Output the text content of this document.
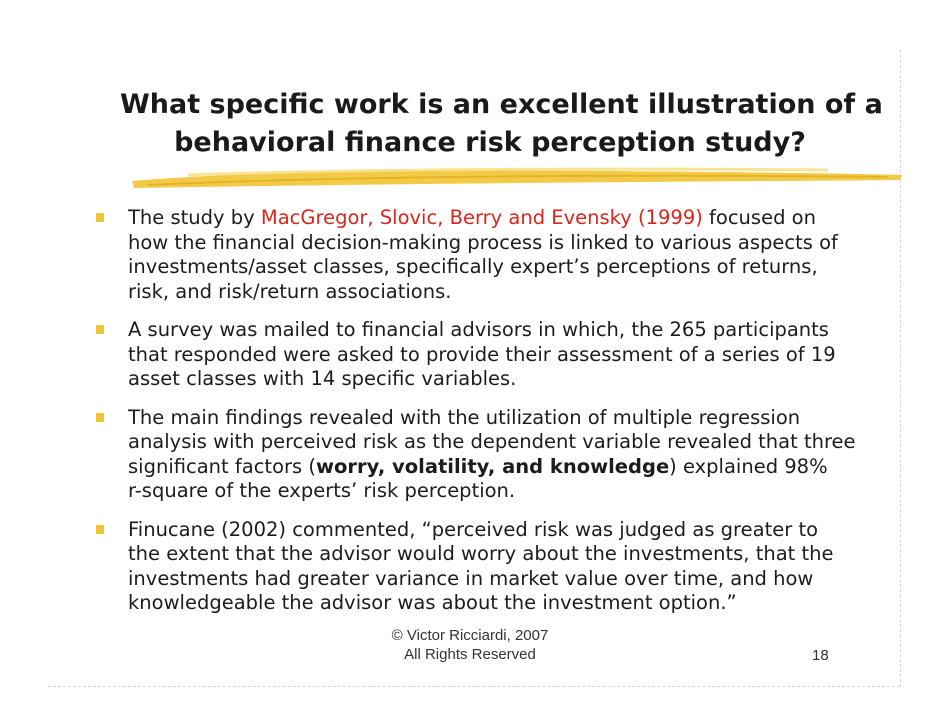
What specific work is an excellent illustration of a
behavioral finance risk perception study?
The study by MacGregor, Slovic, Berry and Evensky (1999) focused on
how the financial decision-making process is linked to various aspects of
investments/asset classes, specifically expert’s perceptions of returns,
risk, and risk/return associations.
A survey was mailed to financial advisors in which, the 265 participants
that responded were asked to provide their assessment of a series of 19
asset classes with 14 specific variables.
The main findings revealed with the utilization of multiple regression
analysis with perceived risk as the dependent variable revealed that three
significant factors (worry, volatility, and knowledge) explained 98%
r-square of the experts’ risk perception.
Finucane (2002) commented, “perceived risk was judged as greater to
the extent that the advisor would worry about the investments, that the
investments had greater variance in market value over time, and how
knowledgeable the advisor was about the investment option.”
© Victor Ricciardi, 2007
All Rights Reserved	18
